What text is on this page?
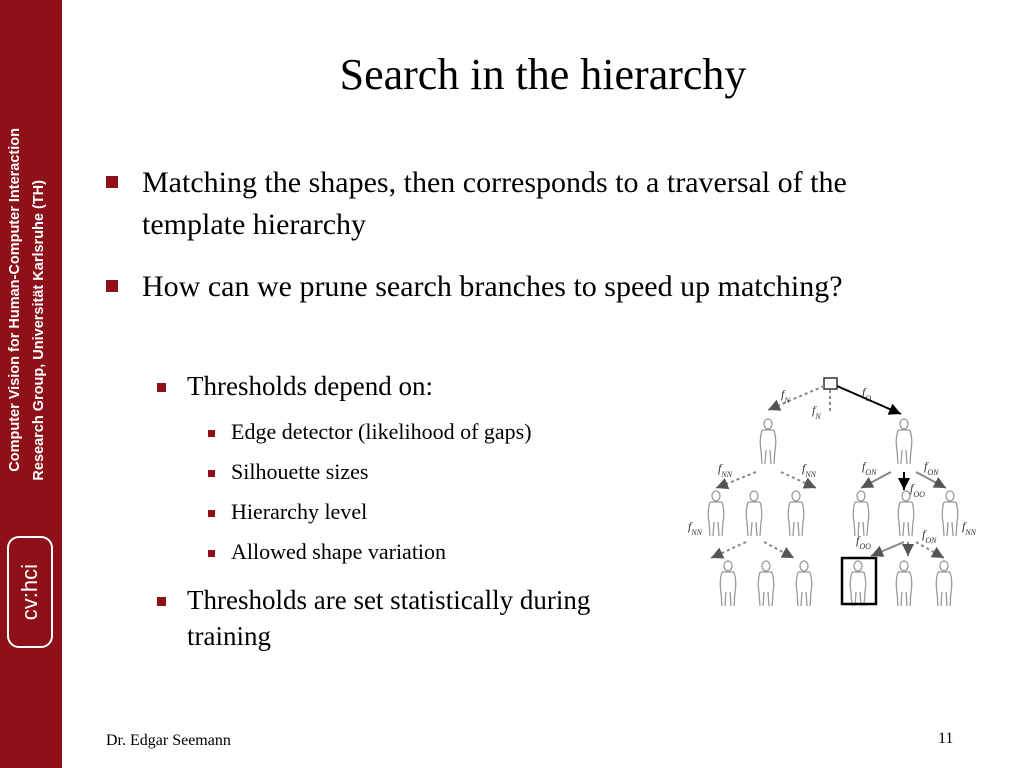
Computer Vision for Human-Computer Interaction Research Group, Universität Karlsruhe (TH)
cv:hci
Search in the hierarchy
Matching the shapes, then corresponds to a traversal of the template hierarchy
How can we prune search branches to speed up matching?
Thresholds depend on:
Edge detector (likelihood of gaps)
Silhouette sizes
Hierarchy level
Allowed shape variation
Thresholds are set statistically during training
$f_N$
$f_O$
$f_N$
$f_{NN}$	$f_{NN}$
$f_{ON}$	$f_{ON}$
$f_{OO}$
$f_{NN}$
$f_{OO}$
$f_{ON}$
$f_{NN}$
Dr. Edgar Seemann	11
